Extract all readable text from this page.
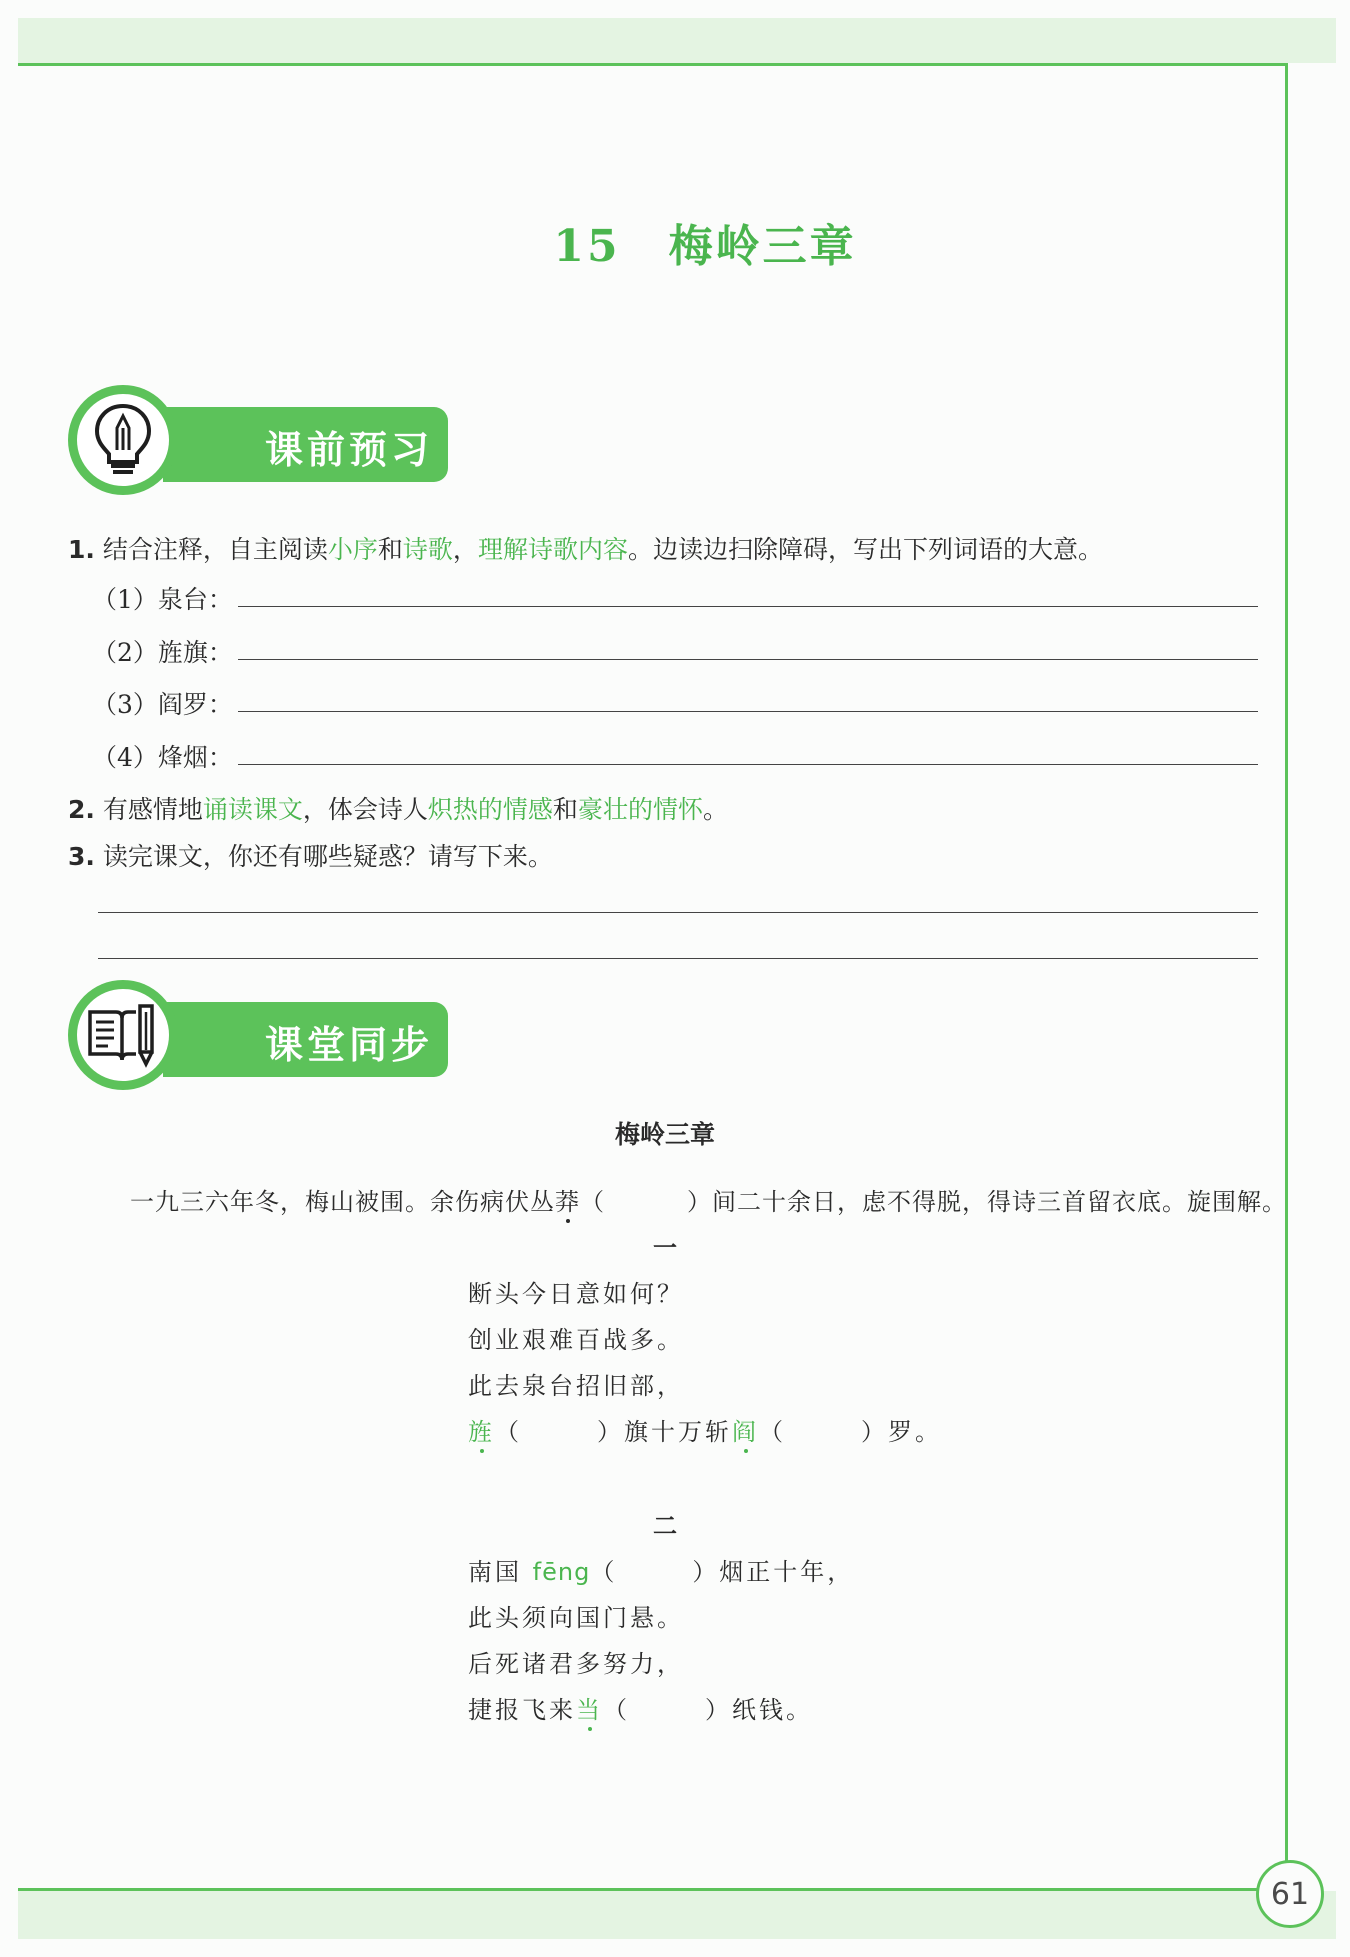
61
15 梅岭三章
课前预习
1. 结合注释，自主阅读小序和诗歌，理解诗歌内容。边读边扫除障碍，写出下列词语的大意。
（1）泉台：
（2）旌旗：
（3）阎罗：
（4）烽烟：
2. 有感情地诵读课文，体会诗人炽热的情感和豪壮的情怀。
3. 读完课文，你还有哪些疑惑？请写下来。
课堂同步
梅岭三章
一九三六年冬，梅山被围。余伤病伏丛莽（	）间二十余日，虑不得脱，得诗三首留衣底。旋围解。
一
断头今日意如何？
创业艰难百战多。
此去泉台招旧部，
旌（	）旗十万斩阎（	）罗。
二
南国 fēng（	）烟正十年，
此头须向国门悬。
后死诸君多努力，
捷报飞来当（	）纸钱。
